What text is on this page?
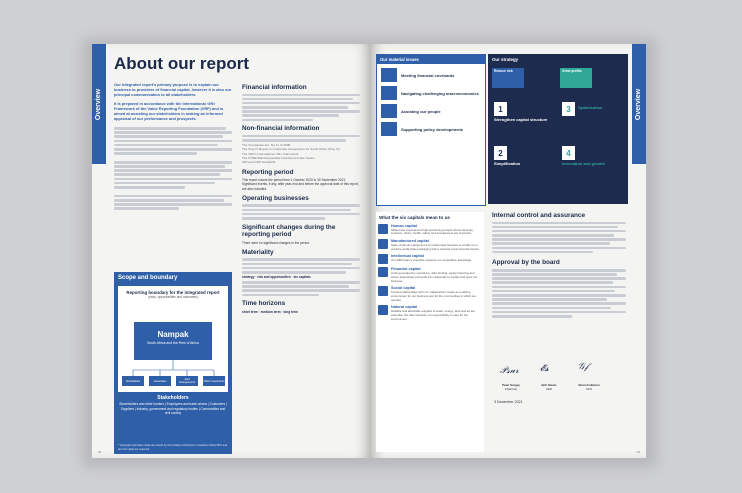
Overview
About our report
Our integrated report's primary purpose is to explain our business to providers of financial capital, however it is also our principal communication to all stakeholders.
It is prepared in accordance with the International <IR> Framework of the Value Reporting Foundation (VRF) and is aimed at assisting our stakeholders in making an informed appraisal of our performance and prospects.
Scope and boundary
Reporting boundary for the integrated report
(risks, opportunities and outcomes)
Nampak
South Africa and the Rest of Africa
Subsidiaries	Associates	Joint arrangements	Other investments
Stakeholders
Shareholders and other funders | Employees and trade unions | Customers | Suppliers | Industry, government and regulatory bodies | Communities and civil society
* Copyright and trade marks are owned by the Institute of Directors in Southern Africa NPC and all of its rights are reserved.
Financial information
Non-financial information
The Companies Act, No 71 of 2008
The King IV Report on Corporate Governance for South Africa (King IV)
The VRF's International <IR> Framework
The FTSE/JSE Responsible Investment Index Series
GRI and CDP standards
Reporting period
This report covers the period from 1 October 2020 to 30 September 2021. Significant events, if any, after year-end and before the approval date of this report, are also included.
Operating businesses
Significant changes during the reporting period
There were no significant changes in the period.
Materiality
strategy · risk and opportunities · six capitals
Time horizons
short term · medium term · long term
02
Overview
Our material issues
Meeting financial covenants
Navigating challenging macroeconomics
Assisting our people
Supporting policy developments
Our strategy
Reduce risk	Grow profits
1
Strengthen capital structure
3	Optimisation
2
Simplification
4
Innovation and growth
What the six capitals mean to us
Human capital
Skilled and experienced high-performing people whose diversity, inclusion, ethics, health, safety and development are important.
Manufactured capital
State-of-the-art equipment and modernised factories to enable us to produce world-class packaging with a reduced environmental impact.
Intellectual capital
Our R&D team's expertise supports our competitive advantage.
Financial capital
Cash generated by operations, debt funding, equity financing and where appropriate proceeds from disposals to sustain and grow our business.
Social capital
Trusted relationships with our stakeholders create an enabling environment for our business and for the communities in which we operate.
Natural capital
Reliable and affordable supplies of water, energy, land and air are essential. We take seriously our responsibility to care for the environment.
Internal control and assurance
Approval by the board
𝒫𝓈𝓊𝓇 𝓔𝓼	𝒢𝒻
Peter Surgey
Chairman
Erik Smuts
CEO
Glenn Fullerton
CFO
3 December 2021
03
